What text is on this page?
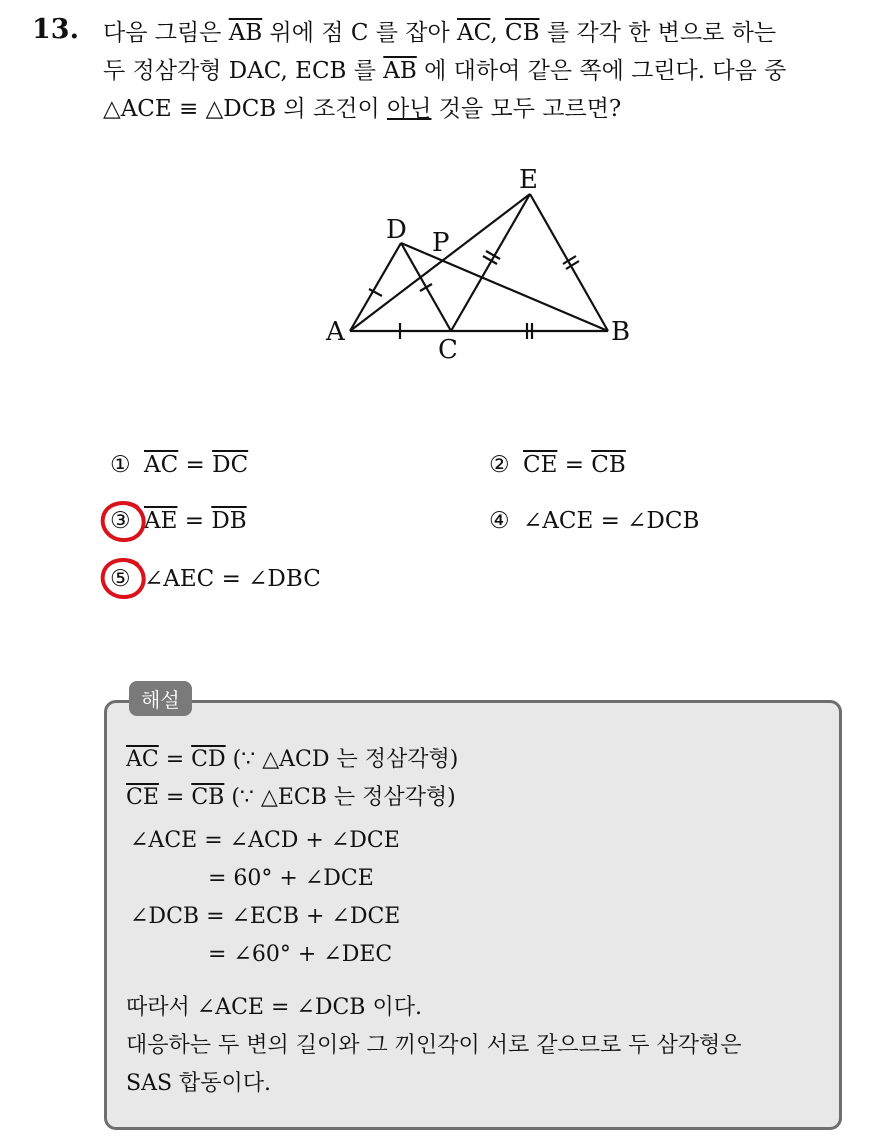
13. 다음 그림은 $\overline{AB}$ 위에 점 C 를 잡아 $\overline{AC}$, $\overline{CB}$ 를 각각 한 변으로 하는
두 정삼각형 DAC, ECB 를 $\overline{AB}$ 에 대하여 같은 쪽에 그린다. 다음 중
△ACE ≡ △DCB 의 조건이 아닌 것을 모두 고르면?
A	B
C
D
E
P
① $\overline{AC} = \overline{DC}$	② $\overline{CE} = \overline{CB}$
③ $\overline{AE} = \overline{DB}$	④ ∠ACE = ∠DCB
⑤ ∠AEC = ∠DBC
해설
$\overline{AC} = \overline{CD}$ (∵ △ACD 는 정삼각형)
$\overline{CE} = \overline{CB}$ (∵ △ECB 는 정삼각형)
∠ACE = ∠ACD + ∠DCE
= 60° + ∠DCE
∠DCB = ∠ECB + ∠DCE
= ∠60° + ∠DEC
따라서 ∠ACE = ∠DCB 이다.
대응하는 두 변의 길이와 그 끼인각이 서로 같으므로 두 삼각형은
SAS 합동이다.
